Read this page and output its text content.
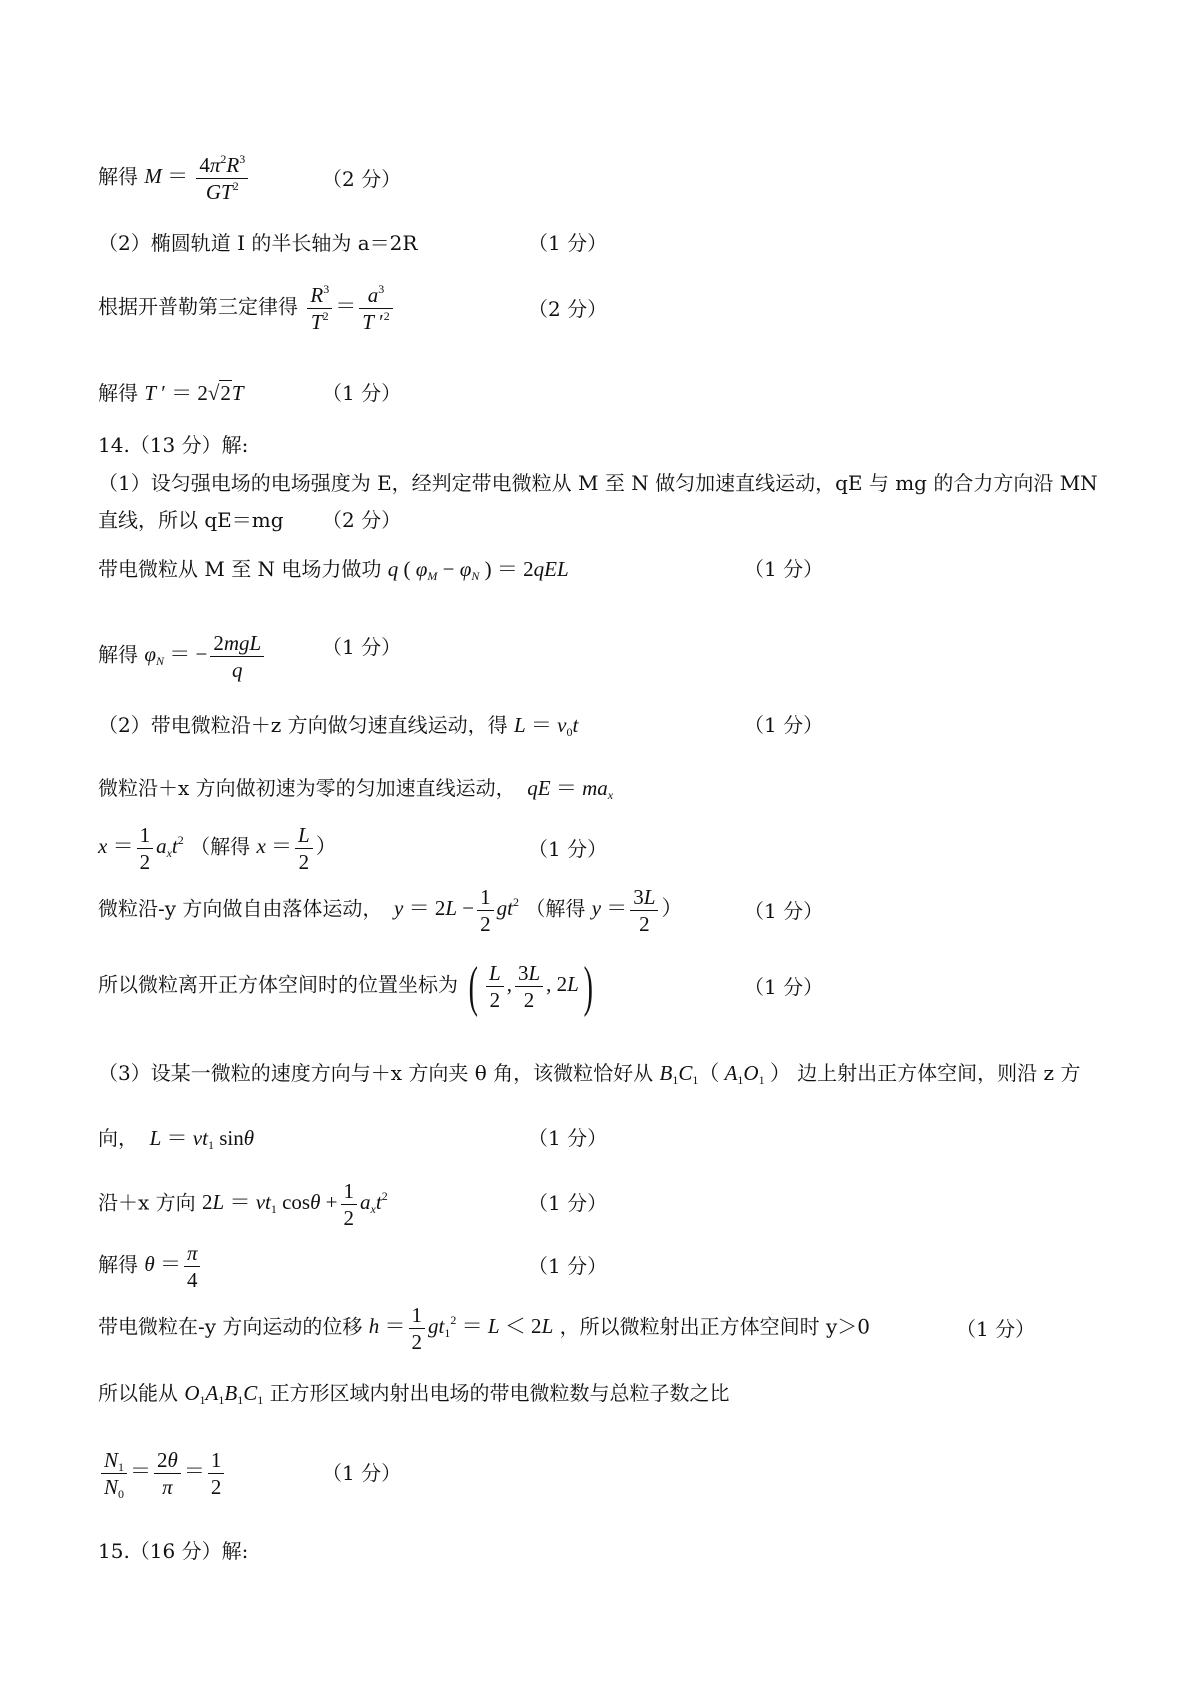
解得 $M = \frac{4\pi^2R^3}{GT^2}$	（2 分）
（2）椭圆轨道 I 的半长轴为 a＝2R	（1 分）
根据开普勒第三定律得 $\frac{R^3}{T^2} = \frac{a^3}{T '^2}$	（2 分）
解得 T ′ ＝ 2√2T	（1 分）
14.（13 分）解:
（1）设匀强电场的电场强度为 E，经判定带电微粒从 M 至 N 做匀加速直线运动，qE 与 mg 的合力方向沿 MN
直线，所以 qE＝mg （2 分）
带电微粒从 M 至 N 电场力做功 q ( $\varphi_M - \varphi_N$ ) ＝ 2qEL	（1 分）
解得 $\varphi_N$ ＝ − $\frac{\text{2mgL}}{q}$	（1 分）
（2）带电微粒沿＋z 方向做匀速直线运动，得 $L = v_0t$	（1 分）
微粒沿＋x 方向做初速为零的匀加速直线运动， qE ＝ $ma_x$
$x = \frac{1}{2} a_xt^2$ （解得 $x = \frac{L}{2}$ ）	（1 分）
微粒沿-y 方向做自由落体运动， $y = 2L - \frac{1}{2} gt^2$ （解得 $y = \frac{3L}{2}$ ）	（1 分）
所以微粒离开正方体空间时的位置坐标为 ( $\frac{L}{2}$ , $\frac{3L}{2}$ , 2L)	（1 分）
（3）设某一微粒的速度方向与＋x 方向夹 θ 角，该微粒恰好从 $B_1C_1$（ $A_1O_1$ ） 边上射出正方体空间，则沿 z 方
向， $L = vt_1$ sinθ	（1 分）
沿＋x 方向 $2L = vt_1$ $\cos\theta + \frac{1}{2} a_xt^2$	（1 分）
解得 $\theta = \frac{\pi}{4}$	（1 分）
带电微粒在-y 方向运动的位移 $h = \frac{1}{2} gt_1^2 = L < 2L$ ，所以微粒射出正方体空间时 y＞0	（1 分）
所以能从 $O_1A_1B_1C_1$ 正方形区域内射出电场的带电微粒数与总粒子数之比
$\frac{N_1}{N_0} = \frac{2\theta}{\pi} = \frac{1}{2}$	（1 分）
15.（16 分）解:
